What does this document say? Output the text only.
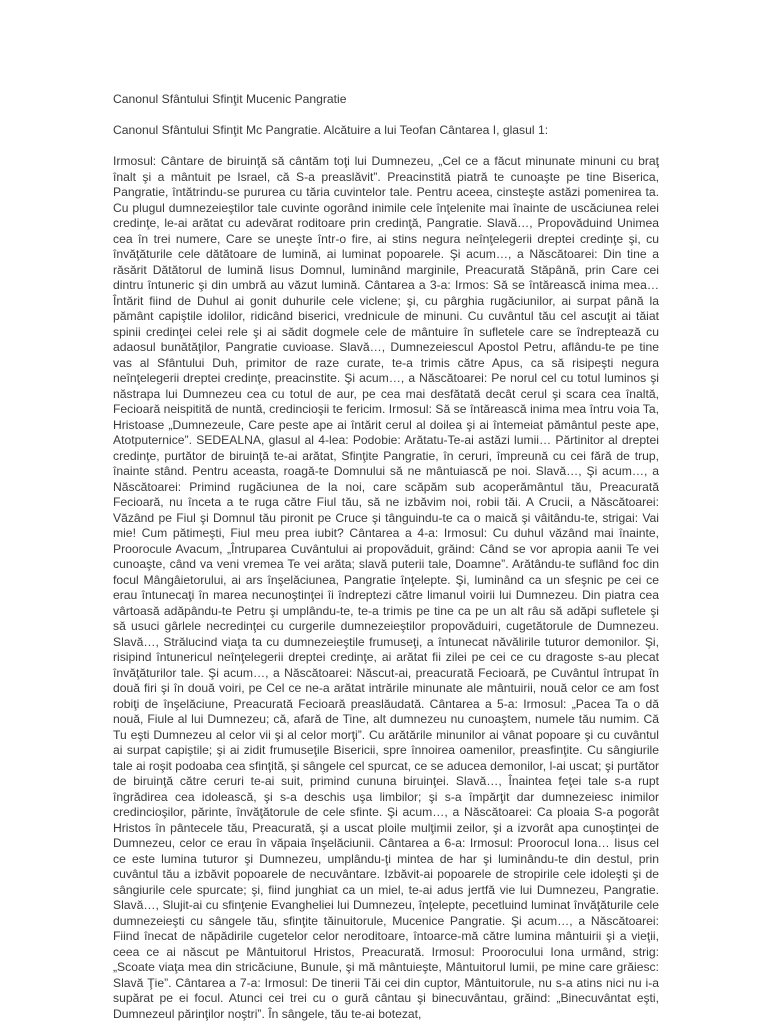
Canonul Sfântului Sfinţit Mucenic Pangratie

Canonul Sfântului Sfinţit Mc Pangratie. Alcătuire a lui Teofan Cântarea I, glasul 1:

Irmosul: Cântare de biruinţă să cântăm toţi lui Dumnezeu, „Cel ce a făcut minunate minuni cu braţ înalt şi a mântuit pe Israel, că S-a preaslăvit”. Preacinstită piatră te cunoaşte pe tine Biserica, Pangratie, întătrindu-se pururea cu tăria cuvintelor tale. Pentru aceea, cinsteşte astăzi pomenirea ta. Cu plugul dumnezeieştilor tale cuvinte ogorând inimile cele înţelenite mai înainte de uscăciunea relei credinţe, le-ai arătat cu adevărat roditoare prin credinţă, Pangratie. Slavă…, Propovăduind Unimea cea în trei numere, Care se uneşte într-o fire, ai stins negura neînţelegerii dreptei credinţe şi, cu învăţăturile cele dătătoare de lumină, ai luminat popoarele. Şi acum…, a Născătoarei: Din tine a răsărit Dătătorul de lumină Iisus Domnul, luminând marginile, Preacurată Stăpână, prin Care cei dintru întuneric şi din umbră au văzut lumină. Cântarea a 3-a: Irmos: Să se întărească inima mea… Întărit fiind de Duhul ai gonit duhurile cele viclene; şi, cu pârghia rugăciunilor, ai surpat până la pământ capiştile idolilor, ridicând biserici, vrednicule de minuni. Cu cuvântul tău cel ascuţit ai tăiat spinii credinţei celei rele şi ai sădit dogmele cele de mântuire în sufletele care se îndreptează cu adaosul bunătăţilor, Pangratie cuvioase. Slavă…, Dumnezeiescul Apostol Petru, aflându-te pe tine vas al Sfântului Duh, primitor de raze curate, te-a trimis către Apus, ca să risipeşti negura neînţelegerii dreptei credinţe, preacinstite. Şi acum…, a Născătoarei: Pe norul cel cu totul luminos şi năstrapa lui Dumnezeu cea cu totul de aur, pe cea mai desfătată decât cerul şi scara cea înaltă, Fecioară neispitită de nuntă, credincioşii te fericim. Irmosul: Să se întărească inima mea întru voia Ta, Hristoase „Dumnezeule, Care peste ape ai întărit cerul al doilea şi ai întemeiat pământul peste ape, Atotputernice”. SEDEALNA, glasul al 4-lea: Podobie: Arătatu-Te-ai astăzi lumii… Părtinitor al dreptei credinţe, purtător de biruinţă te-ai arătat, Sfinţite Pangratie, în ceruri, împreună cu cei fără de trup, înainte stând. Pentru aceasta, roagă-te Domnului să ne mântuiască pe noi. Slavă…, Şi acum…, a Născătoarei: Primind rugăciunea de la noi, care scăpăm sub acoperământul tău, Preacurată Fecioară, nu înceta a te ruga către Fiul tău, să ne izbăvim noi, robii tăi. A Crucii, a Născătoarei: Văzând pe Fiul şi Domnul tău pironit pe Cruce şi tânguindu-te ca o maică şi vâitându-te, strigai: Vai mie! Cum pătimeşti, Fiul meu prea iubit? Cântarea a 4-a: Irmosul: Cu duhul văzând mai înainte, Proorocule Avacum, „Întruparea Cuvântului ai propovăduit, grăind: Când se vor apropia aanii Te vei cunoaşte, când va veni vremea Te vei arăta; slavă puterii tale, Doamne”. Arătându-te suflând foc din focul Mângâietorului, ai ars înşelăciunea, Pangratie înţelepte. Şi, luminând ca un sfeşnic pe cei ce erau întunecaţi în marea necunoştinţei îi îndreptezi către limanul voirii lui Dumnezeu. Din piatra cea vârtoasă adăpându-te Petru şi umplându-te, te-a trimis pe tine ca pe un alt râu să adăpi sufletele şi să usuci gârlele necredinţei cu curgerile dumnezeieştilor propovăduiri, cugetătorule de Dumnezeu. Slavă…, Strălucind viaţa ta cu dumnezeieştile frumuseţi, a întunecat năvălirile tuturor demonilor. Şi, risipind întunericul neînţelegerii dreptei credinţe, ai arătat fii zilei pe cei ce cu dragoste s-au plecat învăţăturilor tale. Şi acum…, a Născătoarei: Născut-ai, preacurată Fecioară, pe Cuvântul întrupat în două firi şi în două voiri, pe Cel ce ne-a arătat intrările minunate ale mântuirii, nouă celor ce am fost robiţi de înşelăciune, Preacurată Fecioară preaslăudată. Cântarea a 5-a: Irmosul: „Pacea Ta o dă nouă, Fiule al lui Dumnezeu; că, afară de Tine, alt dumnezeu nu cunoaştem, numele tău numim. Că Tu eşti Dumnezeu al celor vii şi al celor morţi”. Cu arătările minunilor ai vânat popoare şi cu cuvântul ai surpat capiştile; şi ai zidit frumuseţile Bisericii, spre înnoirea oamenilor, preasfinţite. Cu sângiurile tale ai roşit podoaba cea sfinţită, şi sângele cel spurcat, ce se aducea demonilor, l-ai uscat; şi purtător de biruinţă către ceruri te-ai suit, primind cununa biruinţei. Slavă…, Înaintea feţei tale s-a rupt îngrădirea cea idolească, şi s-a deschis uşa limbilor; şi s-a împărţit dar dumnezeiesc inimilor credincioşilor, părinte, învăţătorule de cele sfinte. Şi acum…, a Născătoarei: Ca ploaia S-a pogorât Hristos în pântecele tău, Preacurată, şi a uscat ploile mulţimii zeilor, şi a izvorât apa cunoştinţei de Dumnezeu, celor ce erau în văpaia înşelăciunii. Cântarea a 6-a: Irmosul: Proorocul Iona… Iisus cel ce este lumina tuturor şi Dumnezeu, umplându-ţi mintea de har şi luminându-te din destul, prin cuvântul tău a izbăvit popoarele de necuvântare. Izbăvit-ai popoarele de stropirile cele idoleşti şi de sângiurile cele spurcate; şi, fiind junghiat ca un miel, te-ai adus jertfă vie lui Dumnezeu, Pangratie. Slavă…, Slujit-ai cu sfinţenie Evangheliei lui Dumnezeu, înţelepte, pecetluind luminat învăţăturile cele dumnezeieşti cu sângele tău, sfinţite tăinuitorule, Mucenice Pangratie. Şi acum…, a Născătoarei: Fiind înecat de năpădirile cugetelor celor neroditoare, întoarce-mă către lumina mântuirii şi a vieţii, ceea ce ai născut pe Mântuitorul Hristos, Preacurată. Irmosul: Proorocului Iona urmând, strig: „Scoate viaţa mea din stricăciune, Bunule, şi mă mântuieşte, Mântuitorul lumii, pe mine care grăiesc: Slavă Ţie”. Cântarea a 7-a: Irmosul: De tinerii Tăi cei din cuptor, Mântuitorule, nu s-a atins nici nu i-a supărat pe ei focul. Atunci cei trei cu o gură cântau şi binecuvântau, grăind: „Binecuvântat eşti, Dumnezeul părinţilor noştri”. În sângele, tău te-ai botezat,
